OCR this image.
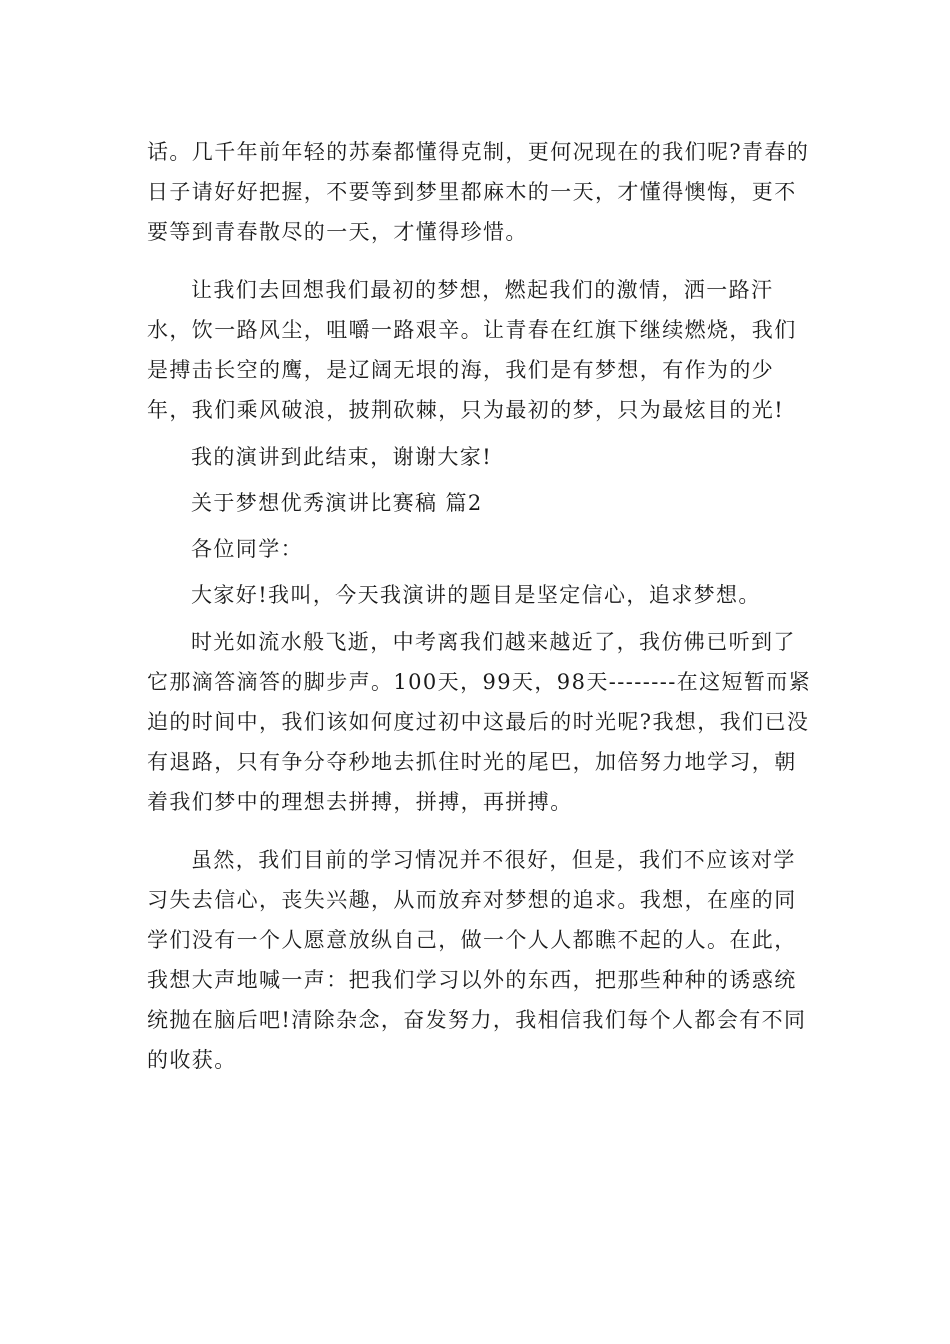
话。几千年前年轻的苏秦都懂得克制，更何况现在的我们呢?青春的
日子请好好把握，不要等到梦里都麻木的一天，才懂得懊悔，更不
要等到青春散尽的一天，才懂得珍惜。

让我们去回想我们最初的梦想，燃起我们的激情，洒一路汗
水，饮一路风尘，咀嚼一路艰辛。让青春在红旗下继续燃烧，我们
是搏击长空的鹰，是辽阔无垠的海，我们是有梦想，有作为的少
年，我们乘风破浪，披荆砍棘，只为最初的梦，只为最炫目的光!

我的演讲到此结束，谢谢大家!

关于梦想优秀演讲比赛稿 篇2

各位同学：

大家好!我叫，今天我演讲的题目是坚定信心，追求梦想。

时光如流水般飞逝，中考离我们越来越近了，我仿佛已听到了
它那滴答滴答的脚步声。100天，99天，98天--------在这短暂而紧
迫的时间中，我们该如何度过初中这最后的时光呢?我想，我们已没
有退路，只有争分夺秒地去抓住时光的尾巴，加倍努力地学习，朝
着我们梦中的理想去拼搏，拼搏，再拼搏。

虽然，我们目前的学习情况并不很好，但是，我们不应该对学
习失去信心，丧失兴趣，从而放弃对梦想的追求。我想，在座的同
学们没有一个人愿意放纵自己，做一个人人都瞧不起的人。在此，
我想大声地喊一声：把我们学习以外的东西，把那些种种的诱惑统
统抛在脑后吧!清除杂念，奋发努力，我相信我们每个人都会有不同
的收获。
